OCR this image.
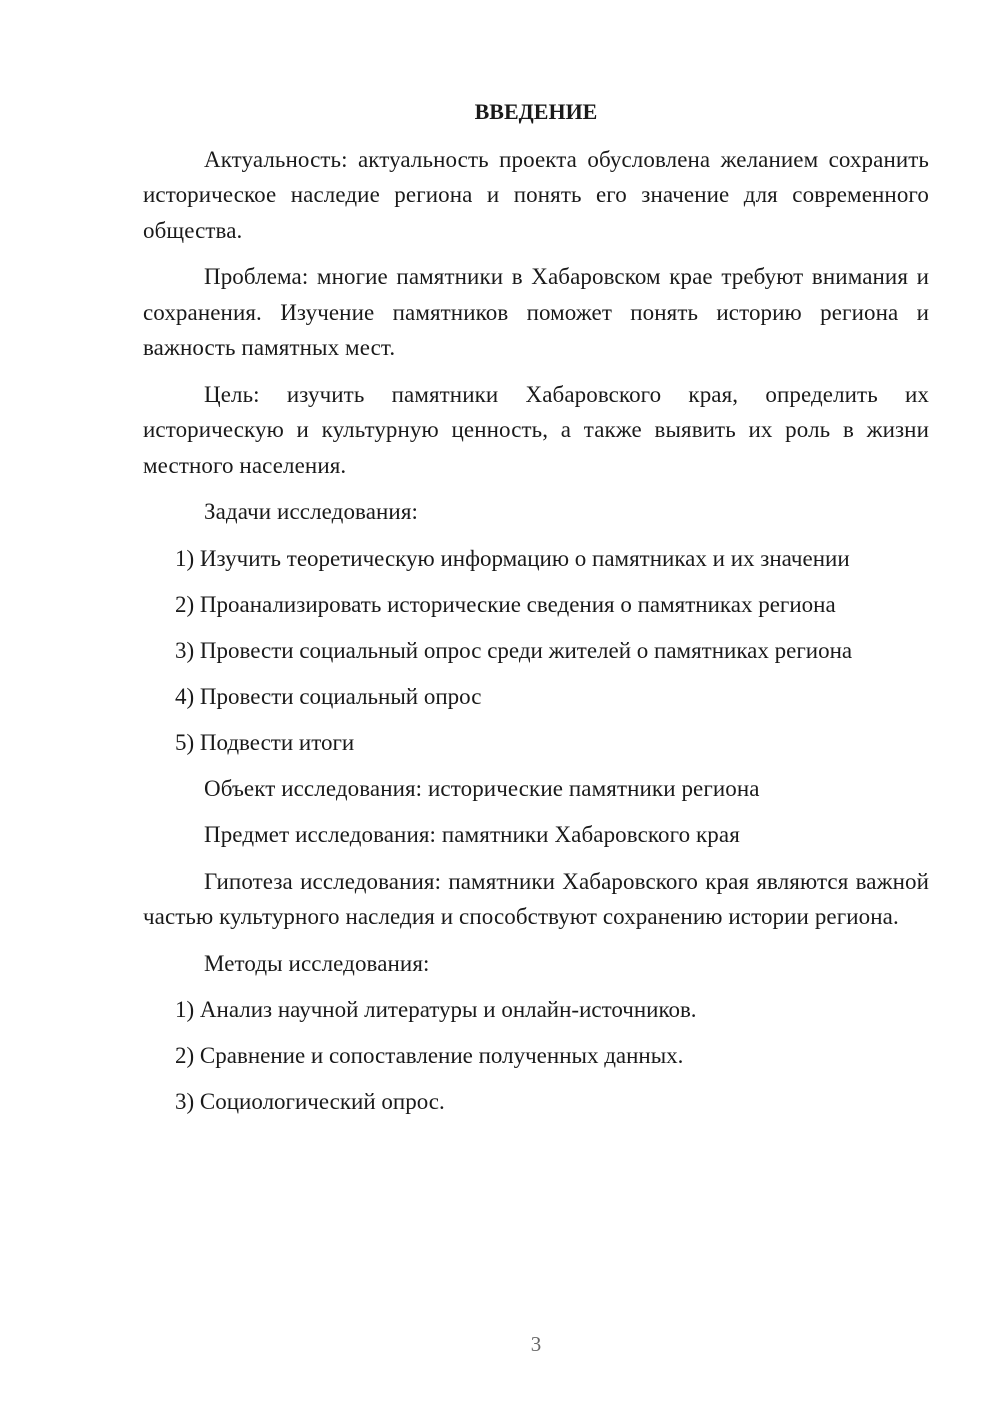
ВВЕДЕНИЕ

Актуальность: актуальность проекта обусловлена желанием сохранить историческое наследие региона и понять его значение для современного общества.

Проблема: многие памятники в Хабаровском крае требуют внимания и сохранения. Изучение памятников поможет понять историю региона и важность памятных мест.

Цель: изучить памятники Хабаровского края, определить их историческую и культурную ценность, а также выявить их роль в жизни местного населения.

Задачи исследования:

1) Изучить теоретическую информацию о памятниках и их значении
2) Проанализировать исторические сведения о памятниках региона
3) Провести социальный опрос среди жителей о памятниках региона
4) Провести социальный опрос
5) Подвести итоги

Объект исследования: исторические памятники региона

Предмет исследования: памятники Хабаровского края

Гипотеза исследования: памятники Хабаровского края являются важной частью культурного наследия и способствуют сохранению истории региона.

Методы исследования:

1) Анализ научной литературы и онлайн-источников.
2) Сравнение и сопоставление полученных данных.
3) Социологический опрос.
3
